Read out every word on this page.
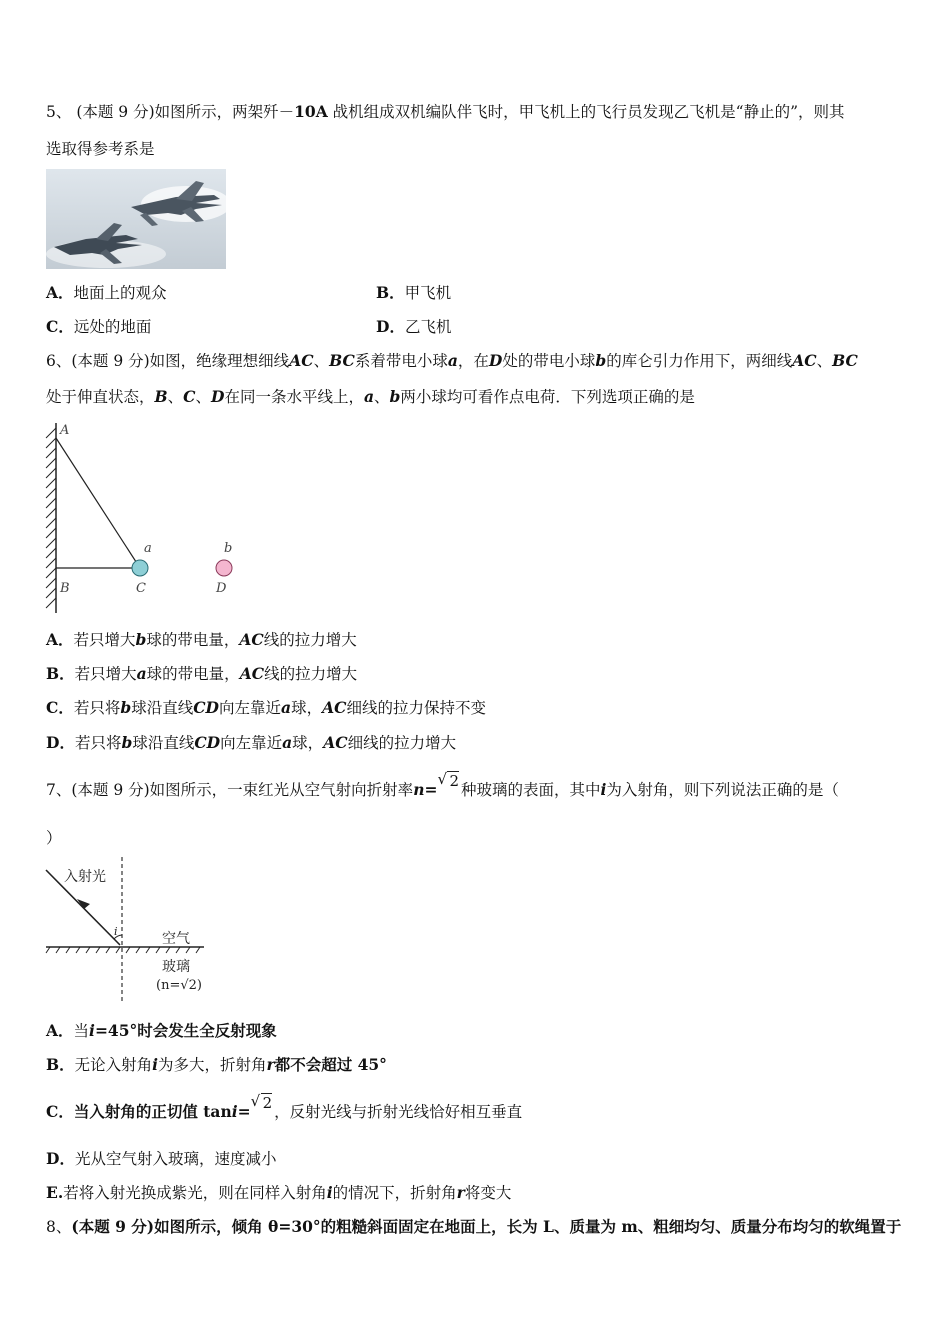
5、 (本题 9 分)如图所示，两架歼－10A 战机组成双机编队伴飞时，甲飞机上的飞行员发现乙飞机是“静止的”，则其
选取得参考系是
A．地面上的观众	B．甲飞机
C．远处的地面	D．乙飞机
6、(本题 9 分)如图，绝缘理想细线AC、BC系着带电小球a，在D处的带电小球b的库仑引力作用下，两细线AC、BC
处于伸直状态，B、C、D在同一条水平线上，a、b两小球均可看作点电荷．下列选项正确的是
A
B	C	D
a	b
A．若只增大b球的带电量，AC线的拉力增大
B．若只增大a球的带电量，AC线的拉力增大
C．若只将b球沿直线CD向左靠近a球，AC细线的拉力保持不变
D．若只将b球沿直线CD向左靠近a球，AC细线的拉力增大
7、(本题 9 分)如图所示，一束红光从空气射向折射率n=
√ 2 种玻璃的表面，其中i为入射角，则下列说法正确的是（
）
i
入射光
空气
玻璃
(n=√2)
A．当i=45°时会发生全反射现象
B．无论入射角i为多大，折射角r都不会超过 45°
C．当入射角的正切值 tani=
√ 2 ，反射光线与折射光线恰好相互垂直
D．光从空气射入玻璃，速度减小
E.若将入射光换成紫光，则在同样入射角i的情况下，折射角r将变大
8、(本题 9 分)如图所示，倾角 θ=30°的粗糙斜面固定在地面上，长为 L、质量为 m、粗细均匀、质量分布均匀的软绳置于
